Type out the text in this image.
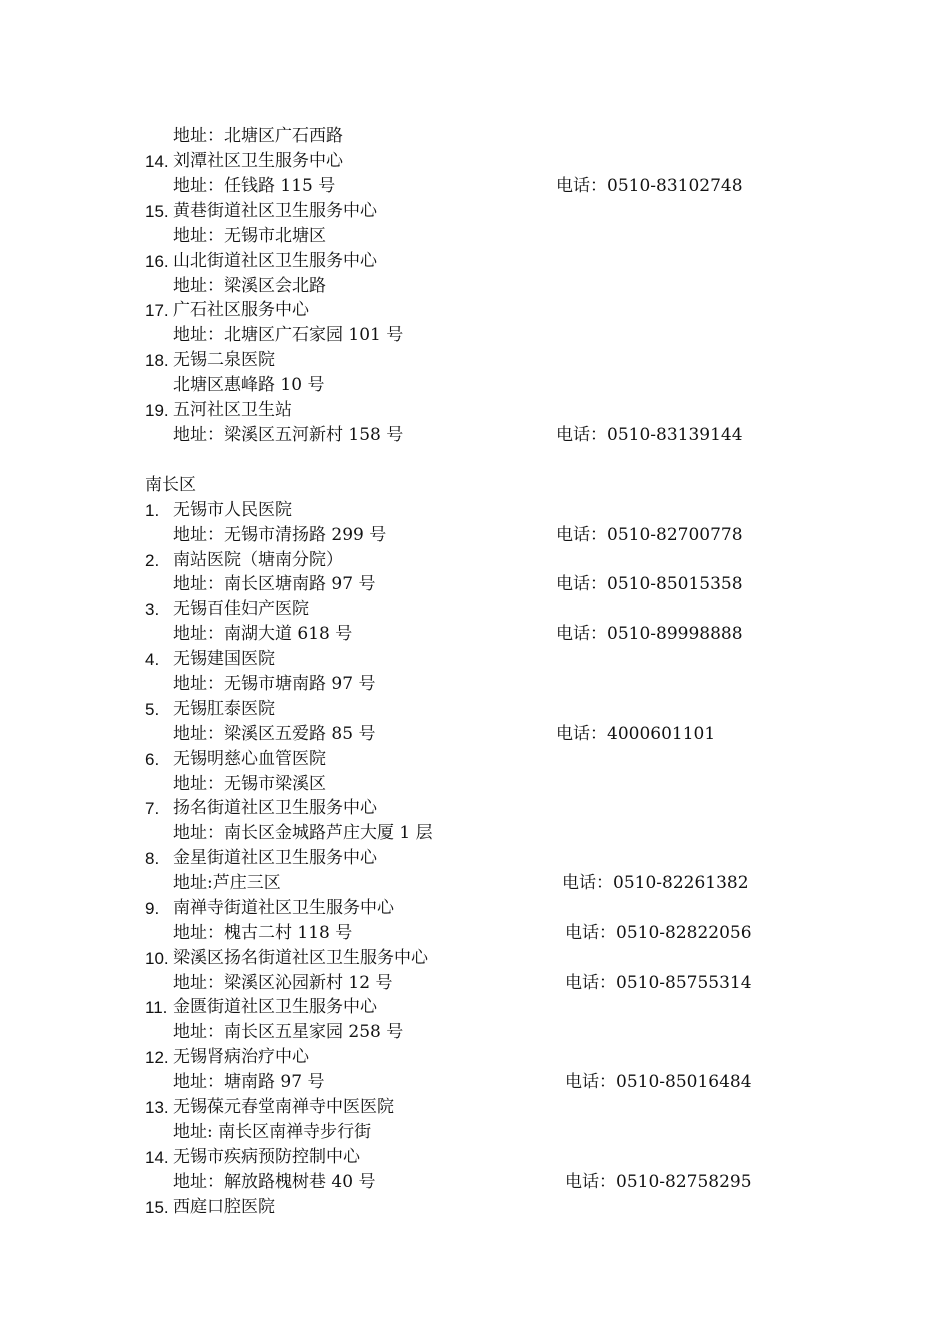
地址：北塘区广石西路
14. 刘潭社区卫生服务中心
地址：任钱路 115 号	电话：0510-83102748
15. 黄巷街道社区卫生服务中心
地址：无锡市北塘区
16. 山北街道社区卫生服务中心
地址：梁溪区会北路
17. 广石社区服务中心
地址：北塘区广石家园 101 号
18. 无锡二泉医院
北塘区惠峰路 10 号
19. 五河社区卫生站
地址：梁溪区五河新村 158 号	电话：0510-83139144
南长区
1. 无锡市人民医院
地址：无锡市清扬路 299 号	电话：0510-82700778
2. 南站医院（塘南分院）
地址：南长区塘南路 97 号	电话：0510-85015358
3. 无锡百佳妇产医院
地址：南湖大道 618 号	电话：0510-89998888
4. 无锡建国医院
地址：无锡市塘南路 97 号
5. 无锡肛泰医院
地址：梁溪区五爱路 85 号	电话：4000601101
6. 无锡明慈心血管医院
地址：无锡市梁溪区
7. 扬名街道社区卫生服务中心
地址：南长区金城路芦庄大厦 1 层
8. 金星街道社区卫生服务中心
地址:芦庄三区	电话：0510-82261382
9. 南禅寺街道社区卫生服务中心
地址：槐古二村 118 号	电话：0510-82822056
10. 梁溪区扬名街道社区卫生服务中心
地址：梁溪区沁园新村 12 号	电话：0510-85755314
11. 金匮街道社区卫生服务中心
地址：南长区五星家园 258 号
12. 无锡肾病治疗中心
地址：塘南路 97 号	电话：0510-85016484
13. 无锡葆元春堂南禅寺中医医院
地址: 南长区南禅寺步行街
14. 无锡市疾病预防控制中心
地址：解放路槐树巷 40 号	电话：0510-82758295
15. 西庭口腔医院
